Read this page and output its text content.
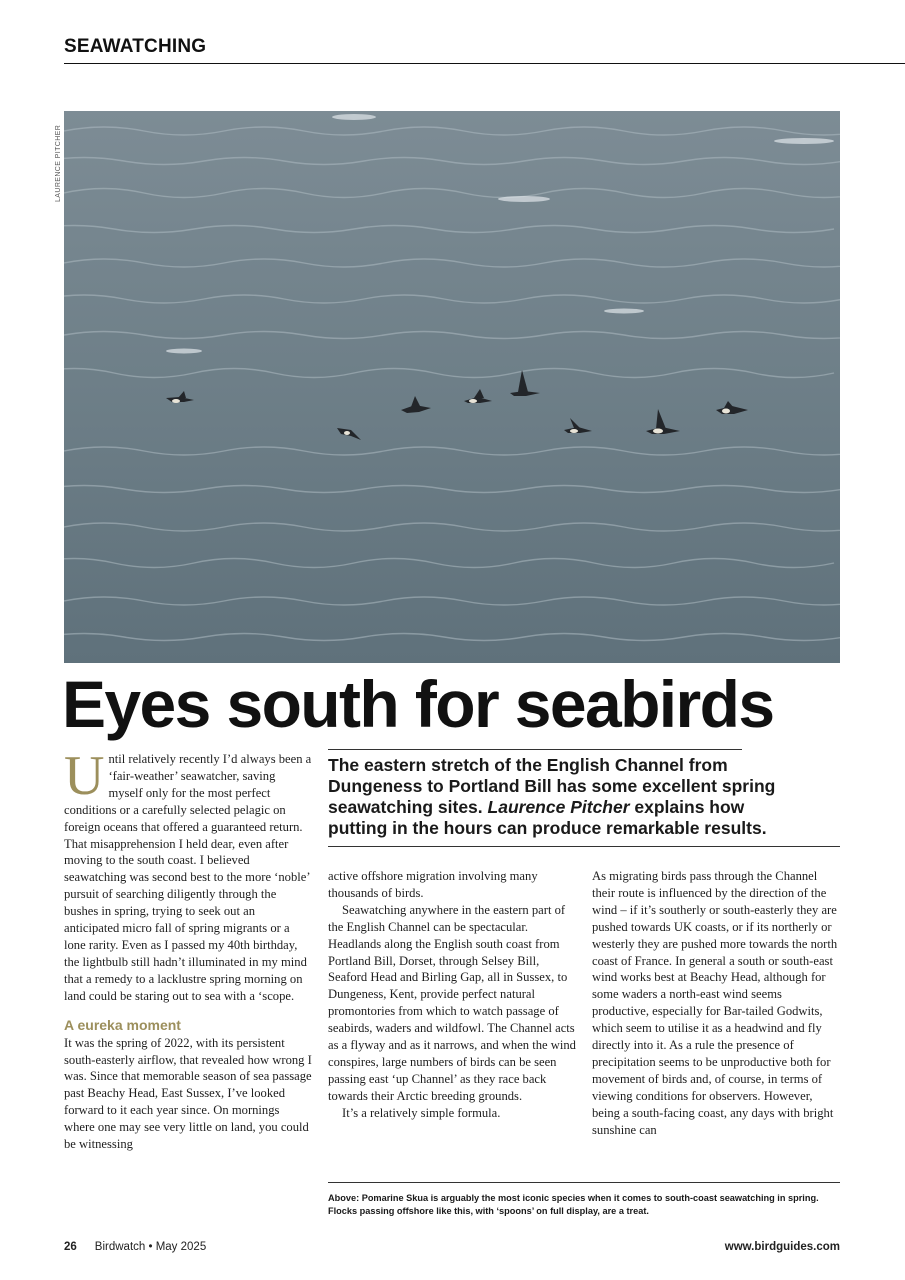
SEAWATCHING
LAURENCE PITCHER
Eyes south for seabirds
The eastern stretch of the English Channel from Dungeness to Portland Bill has some excellent spring seawatching sites. Laurence Pitcher explains how putting in the hours can produce remarkable results.

Until relatively recently I’d always been a ‘fair-weather’ seawatcher, saving myself only for the most perfect conditions or a carefully selected pelagic on foreign oceans that offered a guaranteed return. That misapprehension I held dear, even after moving to the south coast. I believed seawatching was second best to the more ‘noble’ pursuit of searching diligently through the bushes in spring, trying to seek out an anticipated micro fall of spring migrants or a lone rarity. Even as I passed my 40th birthday, the lightbulb still hadn’t illuminated in my mind that a remedy to a lacklustre spring morning on land could be staring out to sea with a ‘scope.

A eureka moment

It was the spring of 2022, with its persistent south-easterly airflow, that revealed how wrong I was. Since that memorable season of sea passage past Beachy Head, East Sussex, I’ve looked forward to it each year since. On mornings where one may see very little on land, you could be witnessing

active offshore migration involving many thousands of birds.

Seawatching anywhere in the eastern part of the English Channel can be spectacular. Headlands along the English south coast from Portland Bill, Dorset, through Selsey Bill, Seaford Head and Birling Gap, all in Sussex, to Dungeness, Kent, provide perfect natural promontories from which to watch passage of seabirds, waders and wildfowl. The Channel acts as a flyway and as it narrows, and when the wind conspires, large numbers of birds can be seen passing east ‘up Channel’ as they race back towards their Arctic breeding grounds.

It’s a relatively simple formula.

As migrating birds pass through the Channel their route is influenced by the direction of the wind – if it’s southerly or south-easterly they are pushed towards UK coasts, or if its northerly or westerly they are pushed more towards the north coast of France. In general a south or south-east wind works best at Beachy Head, although for some waders a north-east wind seems productive, especially for Bar-tailed Godwits, which seem to utilise it as a headwind and fly directly into it. As a rule the presence of precipitation seems to be unproductive both for movement of birds and, of course, in terms of viewing conditions for observers. However, being a south-facing coast, any days with bright sunshine can

Above: Pomarine Skua is arguably the most iconic species when it comes to south-coast seawatching in spring. Flocks passing offshore like this, with ‘spoons’ on full display, are a treat.
26 Birdwatch • May 2025	www.birdguides.com
